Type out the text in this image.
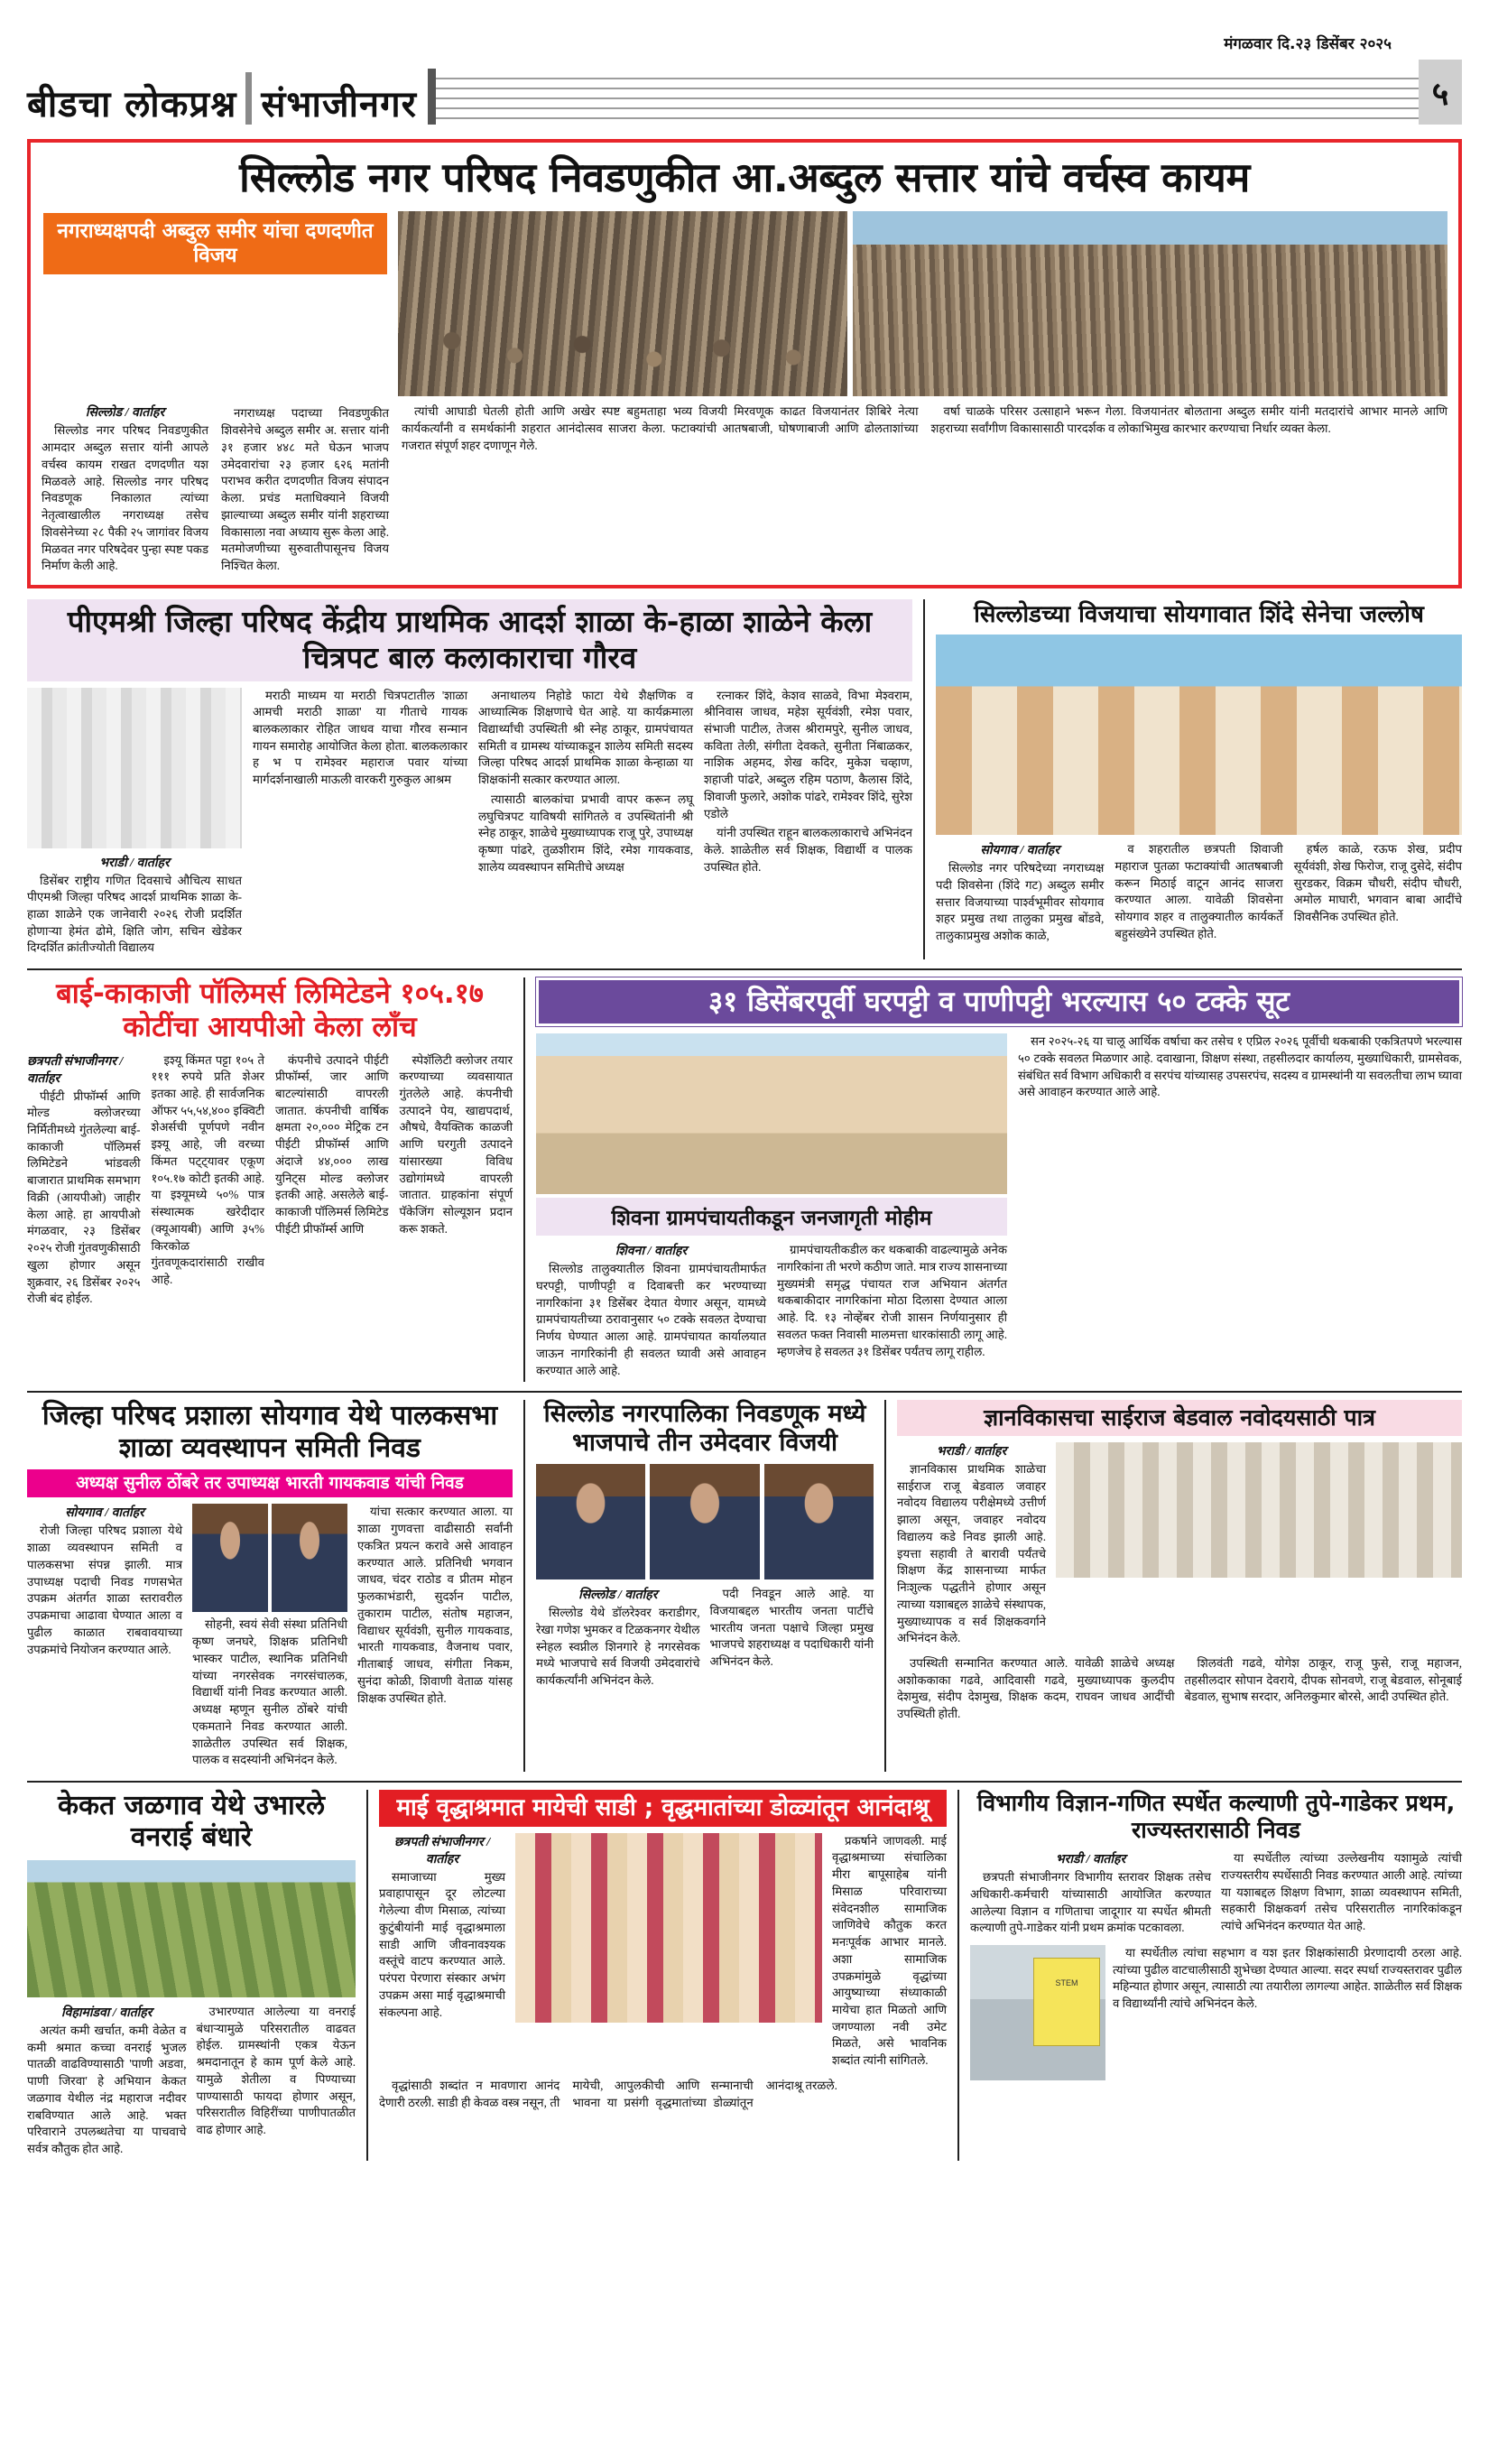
बीडचा लोकप्रश्न संभाजीनगर
मंगळवार दि.२३ डिसेंबर २०२५
५
सिल्लोड नगर परिषद निवडणुकीत आ.अब्दुल सत्तार यांचे वर्चस्व कायम
नगराध्यक्षपदी अब्दुल समीर यांचा दणदणीत विजय
सिल्लोड / वार्ताहर

सिल्लोड नगर परिषद निवडणुकीत आमदार अब्दुल सत्तार यांनी आपले वर्चस्व कायम राखत दणदणीत यश मिळवले आहे. सिल्लोड नगर परिषद निवडणूक निकालात त्यांच्या नेतृत्वाखालील नगराध्यक्ष तसेच शिवसेनेच्या २८ पैकी २५ जागांवर विजय मिळवत नगर परिषदेवर पुन्हा स्पष्ट पकड निर्माण केली आहे.

नगराध्यक्ष पदाच्या निवडणुकीत शिवसेनेचे अब्दुल समीर अ. सत्तार यांनी ३१ हजार ४४८ मते घेऊन भाजप उमेदवारांचा २३ हजार ६२६ मतांनी पराभव करीत दणदणीत विजय संपादन केला. प्रचंड मताधिक्याने विजयी झाल्याच्या अब्दुल समीर यांनी शहराच्या विकासाला नवा अध्याय सुरू केला आहे. मतमोजणीच्या सुरुवातीपासूनच विजय निश्चित केला.

त्यांची आघाडी घेतली होती आणि अखेर स्पष्ट बहुमताहा भव्य विजयी मिरवणूक काढत विजयानंतर शिबिरे नेत्या कार्यकर्त्यांनी व समर्थकांनी शहरात आनंदोत्सव साजरा केला. फटाक्यांची आतषबाजी, घोषणाबाजी आणि ढोलताशांच्या गजरात संपूर्ण शहर दणाणून गेले.

वर्षा चाळके परिसर उत्साहाने भरून गेला. विजयानंतर बोलताना अब्दुल समीर यांनी मतदारांचे आभार मानले आणि शहराच्या सर्वांगीण विकासासाठी पारदर्शक व लोकाभिमुख कारभार करण्याचा निर्धार व्यक्त केला.

पीएमश्री जिल्हा परिषद केंद्रीय प्राथमिक आदर्श शाळा के-हाळा शाळेने केला चित्रपट बाल कलाकाराचा गौरव
भराडी / वार्ताहर

डिसेंबर राष्ट्रीय गणित दिवसाचे औचित्य साधत पीएमश्री जिल्हा परिषद आदर्श प्राथमिक शाळा के-हाळा शाळेने एक जानेवारी २०२६ रोजी प्रदर्शित होणाऱ्या हेमंत ढोमे, क्षिति जोग, सचिन खेडेकर दिग्दर्शित क्रांतीज्योती विद्यालय

मराठी माध्यम या मराठी चित्रपटातील 'शाळा आमची मराठी शाळा' या गीताचे गायक बालकलाकार रोहित जाधव याचा गौरव सन्मान गायन समारोह आयोजित केला होता. बालकलाकार ह भ प रामेश्वर महाराज पवार यांच्या मार्गदर्शनाखाली माऊली वारकरी गुरुकुल आश्रम

अनाथालय निहोडे फाटा येथे शैक्षणिक व आध्यात्मिक शिक्षणाचे घेत आहे. या कार्यक्रमाला विद्यार्थ्यांची उपस्थिती श्री स्नेह ठाकूर, ग्रामपंचायत समिती व ग्रामस्थ यांच्याकडून शालेय समिती सदस्य जिल्हा परिषद आदर्श प्राथमिक शाळा केन्हाळा या शिक्षकांनी सत्कार करण्यात आला.

त्यासाठी बालकांचा प्रभावी वापर करून लघू लघुचित्रपट याविषयी सांगितले व उपस्थितांनी श्री स्नेह ठाकूर, शाळेचे मुख्याध्यापक राजू पुरे, उपाध्यक्ष कृष्णा पांढरे, तुळशीराम शिंदे, रमेश गायकवाड, शालेय व्यवस्थापन समितीचे अध्यक्ष

रत्नाकर शिंदे, केशव साळवे, विभा मेश्वराम, श्रीनिवास जाधव, महेश सूर्यवंशी, रमेश पवार, संभाजी पाटील, तेजस श्रीरामपुरे, सुनील जाधव, कविता तेली, संगीता देवकते, सुनीता निंबाळकर, नाशिक अहमद, शेख कदिर, मुकेश चव्हाण, शहाजी पांढरे, अब्दुल रहिम पठाण, कैलास शिंदे, शिवाजी फुलारे, अशोक पांढरे, रामेश्वर शिंदे, सुरेश एडोले

यांनी उपस्थित राहून बालकलाकाराचे अभिनंदन केले. शाळेतील सर्व शिक्षक, विद्यार्थी व पालक उपस्थित होते.

सिल्लोडच्या विजयाचा सोयगावात शिंदे सेनेचा जल्लोष
सोयगाव / वार्ताहर

सिल्लोड नगर परिषदेच्या नगराध्यक्ष पदी शिवसेना (शिंदे गट) अब्दुल समीर सत्तार विजयाच्या पार्श्वभूमीवर सोयगाव शहर प्रमुख तथा तालुका प्रमुख बोंडवे, तालुकाप्रमुख अशोक काळे,

व शहरातील छत्रपती शिवाजी महाराज पुतळा फटाक्यांची आतषबाजी करून मिठाई वाटून आनंद साजरा करण्यात आला. यावेळी शिवसेना सोयगाव शहर व तालुक्यातील कार्यकर्ते बहुसंख्येने उपस्थित होते.

हर्षल काळे, रऊफ शेख, प्रदीप सूर्यवंशी, शेख फिरोज, राजू दुसेदे, संदीप सुरडकर, विक्रम चौधरी, संदीप चौधरी, अमोल माघारी, भगवान बाबा आदींचे शिवसैनिक उपस्थित होते.

बाई-काकाजी पॉलिमर्स लिमिटेडने १०५.१७ कोटींचा आयपीओ केला लाँच
छत्रपती संभाजीनगर / वार्ताहर

पीईटी प्रीफॉर्म्स आणि मोल्ड क्लोजरच्या निर्मितीमध्ये गुंतलेल्या बाई-काकाजी पॉलिमर्स लिमिटेडने भांडवली बाजारात प्राथमिक समभाग विक्री (आयपीओ) जाहीर केला आहे. हा आयपीओ मंगळवार, २३ डिसेंबर २०२५ रोजी गुंतवणुकीसाठी खुला होणार असून शुक्रवार, २६ डिसेंबर २०२५ रोजी बंद होईल.

इश्यू किंमत पट्टा १०५ ते १११ रुपये प्रति शेअर इतका आहे. ही सार्वजनिक ऑफर ५५,५४,४०० इक्विटी शेअर्सची पूर्णपणे नवीन इश्यू आहे, जी वरच्या किंमत पट्ट्यावर एकूण १०५.१७ कोटी इतकी आहे. या इश्यूमध्ये ५०% पात्र संस्थात्मक खरेदीदार (क्यूआयबी) आणि ३५% किरकोळ गुंतवणूकदारांसाठी राखीव आहे.

कंपनीचे उत्पादने पीईटी प्रीफॉर्म्स, जार आणि बाटल्यांसाठी वापरली जातात. कंपनीची वार्षिक क्षमता २०,००० मेट्रिक टन पीईटी प्रीफॉर्म्स आणि अंदाजे ४४,००० लाख युनिट्स मोल्ड क्लोजर इतकी आहे. असलेले बाई-काकाजी पॉलिमर्स लिमिटेड पीईटी प्रीफॉर्म्स आणि

स्पेशॅलिटी क्लोजर तयार करण्याच्या व्यवसायात गुंतलेले आहे. कंपनीची उत्पादने पेय, खाद्यपदार्थ, औषधे, वैयक्तिक काळजी आणि घरगुती उत्पादने यांसारख्या विविध उद्योगांमध्ये वापरली जातात. ग्राहकांना संपूर्ण पॅकेजिंग सोल्यूशन प्रदान करू शकते.

३१ डिसेंबरपूर्वी घरपट्टी व पाणीपट्टी भरल्यास ५० टक्के सूट
शिवना ग्रामपंचायतीकडून जनजागृती मोहीम

सन २०२५-२६ या चालू आर्थिक वर्षाचा कर तसेच १ एप्रिल २०२६ पूर्वीची थकबाकी एकत्रितपणे भरल्यास ५० टक्के सवलत मिळणार आहे. दवाखाना, शिक्षण संस्था, तहसीलदार कार्यालय, मुख्याधिकारी, ग्रामसेवक, संबंधित सर्व विभाग अधिकारी व सरपंच यांच्यासह उपसरपंच, सदस्य व ग्रामस्थांनी या सवलतीचा लाभ घ्यावा असे आवाहन करण्यात आले आहे.

शिवना / वार्ताहर

सिल्लोड तालुक्यातील शिवना ग्रामपंचायतीमार्फत घरपट्टी, पाणीपट्टी व दिवाबत्ती कर भरण्याच्या नागरिकांना ३१ डिसेंबर देयात येणार असून, यामध्ये ग्रामपंचायतीच्या ठरावानुसार ५० टक्के सवलत देण्याचा निर्णय घेण्यात आला आहे. ग्रामपंचायत कार्यालयात जाऊन नागरिकांनी ही सवलत घ्यावी असे आवाहन करण्यात आले आहे.

ग्रामपंचायतीकडील कर थकबाकी वाढल्यामुळे अनेक नागरिकांना ती भरणे कठीण जाते. मात्र राज्य शासनाच्या मुख्यमंत्री समृद्ध पंचायत राज अभियान अंतर्गत थकबाकीदार नागरिकांना मोठा दिलासा देण्यात आला आहे. दि. १३ नोव्हेंबर रोजी शासन निर्णयानुसार ही सवलत फक्त निवासी मालमत्ता धारकांसाठी लागू आहे. म्हणजेच हे सवलत ३१ डिसेंबर पर्यंतच लागू राहील.

जिल्हा परिषद प्रशाला सोयगाव येथे पालकसभा शाळा व्यवस्थापन समिती निवड
अध्यक्ष सुनील ठोंबरे तर उपाध्यक्ष भारती गायकवाड यांची निवड
सोयगाव / वार्ताहर

रोजी जिल्हा परिषद प्रशाला येथे शाळा व्यवस्थापन समिती व पालकसभा संपन्न झाली. मात्र उपाध्यक्ष पदाची निवड गणसभेत उपक्रम अंतर्गत शाळा स्तरावरील उपक्रमाचा आढावा घेण्यात आला व पुढील काळात राबवावयाच्या उपक्रमांचे नियोजन करण्यात आले.

सोहनी, स्वयं सेवी संस्था प्रतिनिधी कृष्ण जनघरे, शिक्षक प्रतिनिधी भास्कर पाटील, स्थानिक प्रतिनिधी यांच्या नगरसेवक नगरसंचालक, विद्यार्थी यांनी निवड करण्यात आली. अध्यक्ष म्हणून सुनील ठोंबरे यांची एकमताने निवड करण्यात आली. शाळेतील उपस्थित सर्व शिक्षक, पालक व सदस्यांनी अभिनंदन केले.

यांचा सत्कार करण्यात आला. या शाळा गुणवत्ता वाढीसाठी सर्वांनी एकत्रित प्रयत्न करावे असे आवाहन करण्यात आले. प्रतिनिधी भगवान जाधव, चंदर राठोड व प्रीतम मोहन फुलकाभंडारी, सुदर्शन पाटील, तुकाराम पाटील, संतोष महाजन, विद्याधर सूर्यवंशी, सुनील गायकवाड, भारती गायकवाड, वैजनाथ पवार, गीताबाई जाधव, संगीता निकम, सुनंदा कोळी, शिवाणी वेताळ यांसह शिक्षक उपस्थित होते.

सिल्लोड नगरपालिका निवडणूक मध्ये भाजपाचे तीन उमेदवार विजयी
सिल्लोड / वार्ताहर

सिल्लोड येथे डॉलरेश्वर कराडीगर, रेखा गणेश भुमकर व टिळकनगर येथील स्नेहल स्वप्नील शिनगारे हे नगरसेवक मध्ये भाजपाचे सर्व विजयी उमेदवारांचे कार्यकर्त्यांनी अभिनंदन केले.

पदी निवडून आले आहे. या विजयाबद्दल भारतीय जनता पार्टीचे भारतीय जनता पक्षाचे जिल्हा प्रमुख भाजपचे शहराध्यक्ष व पदाधिकारी यांनी अभिनंदन केले.

ज्ञानविकासचा साईराज बेडवाल नवोदयसाठी पात्र
भराडी / वार्ताहर

ज्ञानविकास प्राथमिक शाळेचा साईराज राजू बेडवाल जवाहर नवोदय विद्यालय परीक्षेमध्ये उत्तीर्ण झाला असून, जवाहर नवोदय विद्यालय कडे निवड झाली आहे. इयत्ता सहावी ते बारावी पर्यंतचे शिक्षण केंद्र शासनाच्या मार्फत निःशुल्क पद्धतीने होणार असून त्याच्या यशाबद्दल शाळेचे संस्थापक, मुख्याध्यापक व सर्व शिक्षकवर्गाने अभिनंदन केले.

उपस्थिती सन्मानित करण्यात आले. यावेळी शाळेचे अध्यक्ष अशोककाका गढवे, आदिवासी गढवे, मुख्याध्यापक कुलदीप देशमुख, संदीप देशमुख, शिक्षक कदम, राघवन जाधव आदींची उपस्थिती होती.

शिलवंती गढवे, योगेश ठाकूर, राजू फुसे, राजू महाजन, तहसीलदार सोपान देवराये, दीपक सोनवणे, राजू बेडवाल, सोनूबाई बेडवाल, सुभाष सरदार, अनिलकुमार बोरसे, आदी उपस्थित होते.

केकत जळगाव येथे उभारले वनराई बंधारे
विहामांडवा / वार्ताहर

अत्यंत कमी खर्चात, कमी वेळेत व कमी श्रमात कच्चा वनराई भुजल पातळी वाढविण्यासाठी 'पाणी अडवा, पाणी जिरवा' हे अभियान केकत जळगाव येथील नंद्र महाराज नदीवर राबविण्यात आले आहे. भक्त परिवाराने उपलब्धतेचा या पाचवाचे सर्वत्र कौतुक होत आहे.

उभारण्यात आलेल्या या वनराई बंधाऱ्यामुळे परिसरातील वाढवत होईल. ग्रामस्थांनी एकत्र येऊन श्रमदानातून हे काम पूर्ण केले आहे. यामुळे शेतीला व पिण्याच्या पाण्यासाठी फायदा होणार असून, परिसरातील विहिरींच्या पाणीपातळीत वाढ होणार आहे.

माई वृद्धाश्रमात मायेची साडी ; वृद्धमातांच्या डोळ्यांतून आनंदाश्रू
छत्रपती संभाजीनगर / वार्ताहर

समाजाच्या मुख्य प्रवाहापासून दूर लोटल्या गेलेल्या वीण मिसाळ, त्यांच्या कुटुंबीयांनी माई वृद्धाश्रमाला साडी आणि जीवनावश्यक वस्तूंचे वाटप करण्यात आले. परंपरा पेरणारा संस्कार अभंग उपक्रम असा माई वृद्धाश्रमाची संकल्पना आहे.

प्रकर्षाने जाणवली. माई वृद्धाश्रमाच्या संचालिका मीरा बापूसाहेब यांनी मिसाळ परिवाराच्या संवेदनशील सामाजिक जाणिवेचे कौतुक करत मनःपूर्वक आभार मानले. अशा सामाजिक उपक्रमांमुळे वृद्धांच्या आयुष्याच्या संध्याकाळी मायेचा हात मिळतो आणि जगण्याला नवी उमेट मिळते, असे भावनिक शब्दांत त्यांनी सांगितले.

वृद्धांसाठी शब्दांत न मावणारा आनंद देणारी ठरली. साडी ही केवळ वस्त्र नसून, ती मायेची, आपुलकीची आणि सन्मानाची भावना या प्रसंगी वृद्धमातांच्या डोळ्यांतून आनंदाश्रू तरळले.

विभागीय विज्ञान-गणित स्पर्धेत कल्याणी तुपे-गाडेकर प्रथम, राज्यस्तरासाठी निवड
भराडी / वार्ताहर

छत्रपती संभाजीनगर विभागीय स्तरावर शिक्षक तसेच अधिकारी-कर्मचारी यांच्यासाठी आयोजित करण्यात आलेल्या विज्ञान व गणिताचा जादूगार या स्पर्धेत श्रीमती कल्याणी तुपे-गाडेकर यांनी प्रथम क्रमांक पटकावला.

या स्पर्धेतील त्यांच्या उल्लेखनीय यशामुळे त्यांची राज्यस्तरीय स्पर्धेसाठी निवड करण्यात आली आहे. त्यांच्या या यशाबद्दल शिक्षण विभाग, शाळा व्यवस्थापन समिती, सहकारी शिक्षकवर्ग तसेच परिसरातील नागरिकांकडून त्यांचे अभिनंदन करण्यात येत आहे.

STEM

या स्पर्धेतील त्यांचा सहभाग व यश इतर शिक्षकांसाठी प्रेरणादायी ठरला आहे. त्यांच्या पुढील वाटचालीसाठी शुभेच्छा देण्यात आल्या. सदर स्पर्धा राज्यस्तरावर पुढील महिन्यात होणार असून, त्यासाठी त्या तयारीला लागल्या आहेत. शाळेतील सर्व शिक्षक व विद्यार्थ्यांनी त्यांचे अभिनंदन केले.
